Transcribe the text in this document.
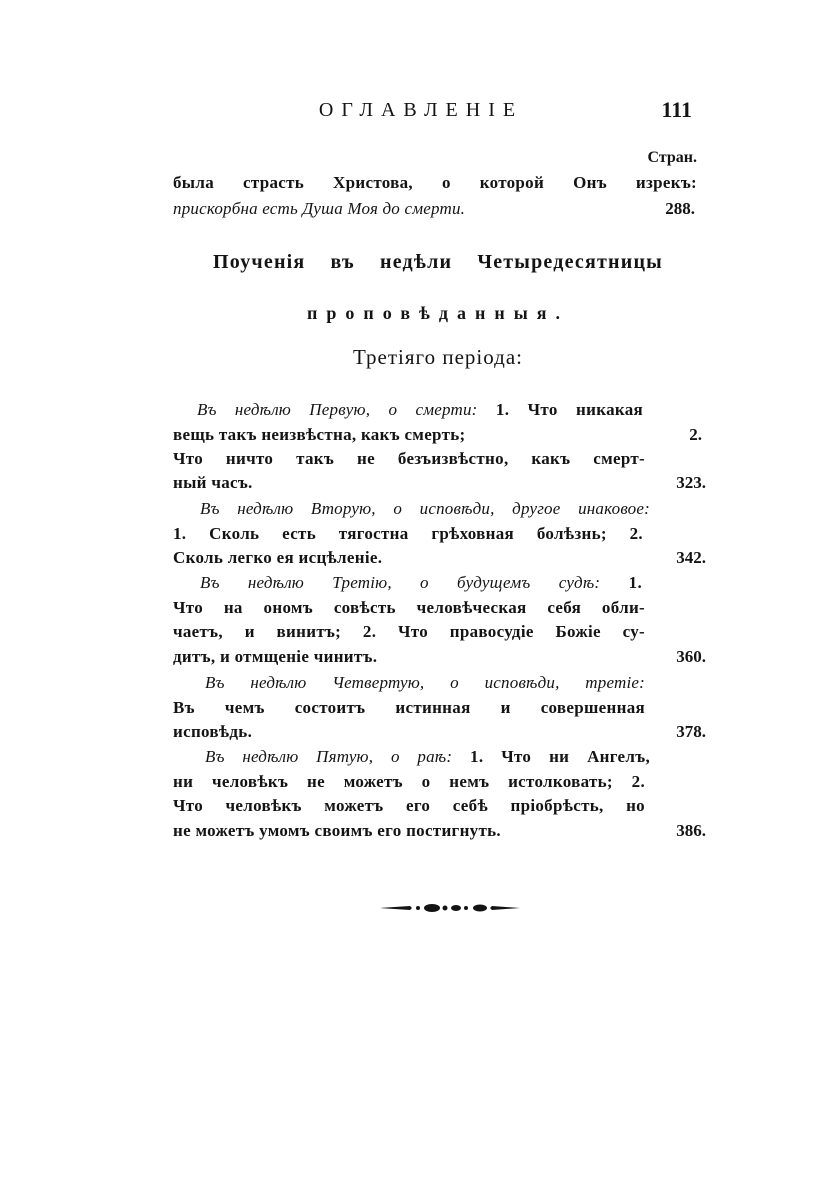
ОГЛАВЛЕНІЕ	111
Стран.
была страсть Христова, о которой Онъ изрекъ:
прискорбна есть Душа Моя до смерти.	288.
Поученія въ недѣли Четыредесятницы
проповѣданныя.
Третіяго періода:
Въ недѣлю Первую, о смерти: 1. Что никакая
вещь такъ неизвѣстна, какъ смерть;	2.
Что ничто такъ не безъизвѣстно, какъ смерт-
ный часъ.	323.
Въ недѣлю Вторую, о исповѣди, другое инаковое:
1. Сколь есть тягостна грѣховная болѣзнь; 2.
Сколь легко ея исцѣленіе.	342.
Въ недѣлю Третію, о будущемъ судѣ: 1.
Что на ономъ совѣсть человѣческая себя обли-
чаетъ, и винитъ; 2. Что правосудіе Божіе су-
дитъ, и отмщеніе чинитъ.	360.
Въ недѣлю Четвертую, о исповѣди, третіе:
Въ чемъ состоитъ истинная и совершенная
исповѣдь.	378.
Въ недѣлю Пятую, о раѣ: 1. Что ни Ангелъ,
ни человѣкъ не можетъ о немъ истолковать; 2.
Что человѣкъ можетъ его себѣ пріобрѣсть, но
не можетъ умомъ своимъ его постигнуть.	386.
